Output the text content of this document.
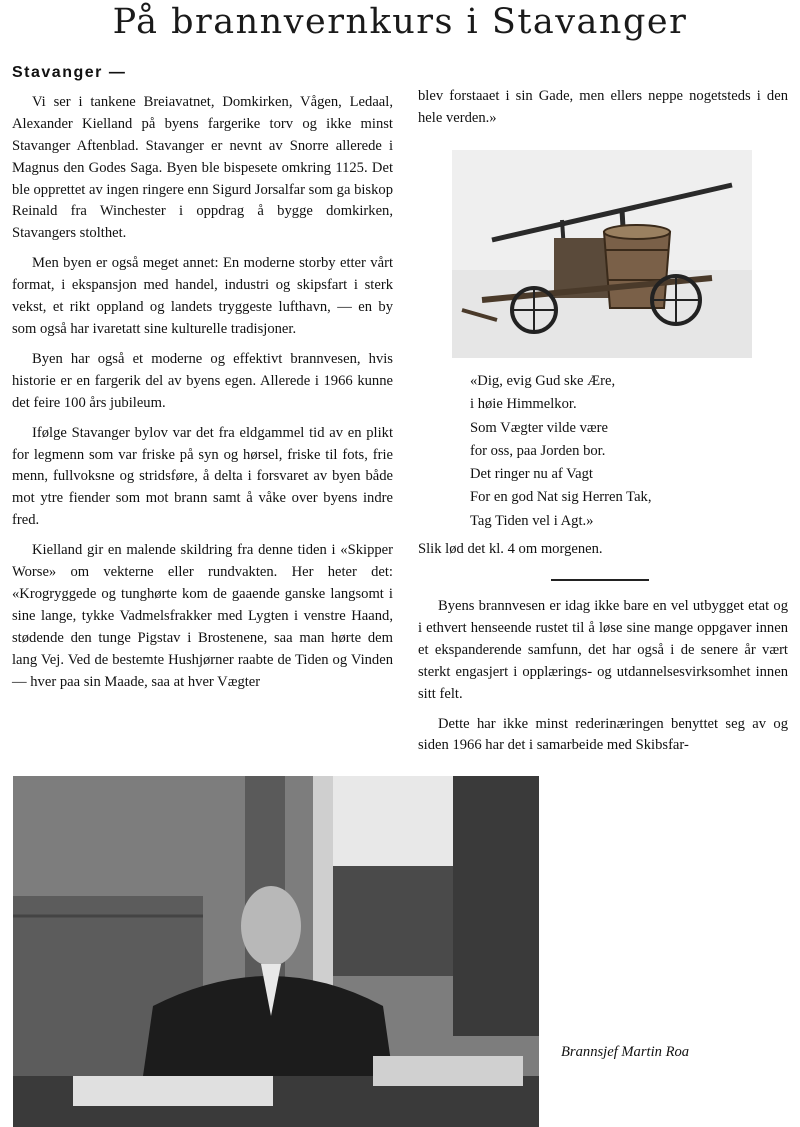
På brannvernkurs i Stavanger

Stavanger —

Vi ser i tankene Breiavatnet, Domkirken, Vågen, Ledaal, Alexander Kielland på byens fargerike torv og ikke minst Stavanger Aftenblad. Stavanger er nevnt av Snorre allerede i Magnus den Godes Saga. Byen ble bispesete omkring 1125. Det ble opprettet av ingen ringere enn Sigurd Jorsalfar som ga biskop Reinald fra Winchester i oppdrag å bygge domkirken, Stavangers stolthet.

Men byen er også meget annet: En moderne storby etter vårt format, i ekspansjon med handel, industri og skipsfart i sterk vekst, et rikt oppland og landets tryggeste lufthavn, — en by som også har ivaretatt sine kulturelle tradisjoner.

Byen har også et moderne og effektivt brannvesen, hvis historie er en fargerik del av byens egen. Allerede i 1966 kunne det feire 100 års jubileum.

Ifølge Stavanger bylov var det fra eldgammel tid av en plikt for legmenn som var friske på syn og hørsel, friske til fots, frie menn, fullvoksne og stridsføre, å delta i forsvaret av byen både mot ytre fiender som mot brann samt å våke over byens indre fred.

Kielland gir en malende skildring fra denne tiden i «Skipper Worse» om vekterne eller rundvakten. Her heter det: «Krogryggede og tunghørte kom de gaaende ganske langsomt i sine lange, tykke Vadmelsfrakker med Lygten i venstre Haand, stødende den tunge Pigstav i Brostenene, saa man hørte dem lang Vej. Ved de bestemte Hushjørner raabte de Tiden og Vinden — hver paa sin Maade, saa at hver Vægter

blev forstaaet i sin Gade, men ellers neppe nogetsteds i den hele verden.»

«Dig, evig Gud ske Ære,
i høie Himmelkor.
Som Vægter vilde være
for oss, paa Jorden bor.
Det ringer nu af Vagt
For en god Nat sig Herren Tak,
Tag Tiden vel i Agt.»
Slik lød det kl. 4 om morgenen.

Byens brannvesen er idag ikke bare en vel utbygget etat og i ethvert henseende rustet til å løse sine mange oppgaver innen et ekspanderende samfunn, det har også i de senere år vært sterkt engasjert i opplærings- og utdannelsesvirksomhet innen sitt felt.

Dette har ikke minst rederinæringen benyttet seg av og siden 1966 har det i samarbeide med Skibsfar-

Brannsjef Martin Roa
